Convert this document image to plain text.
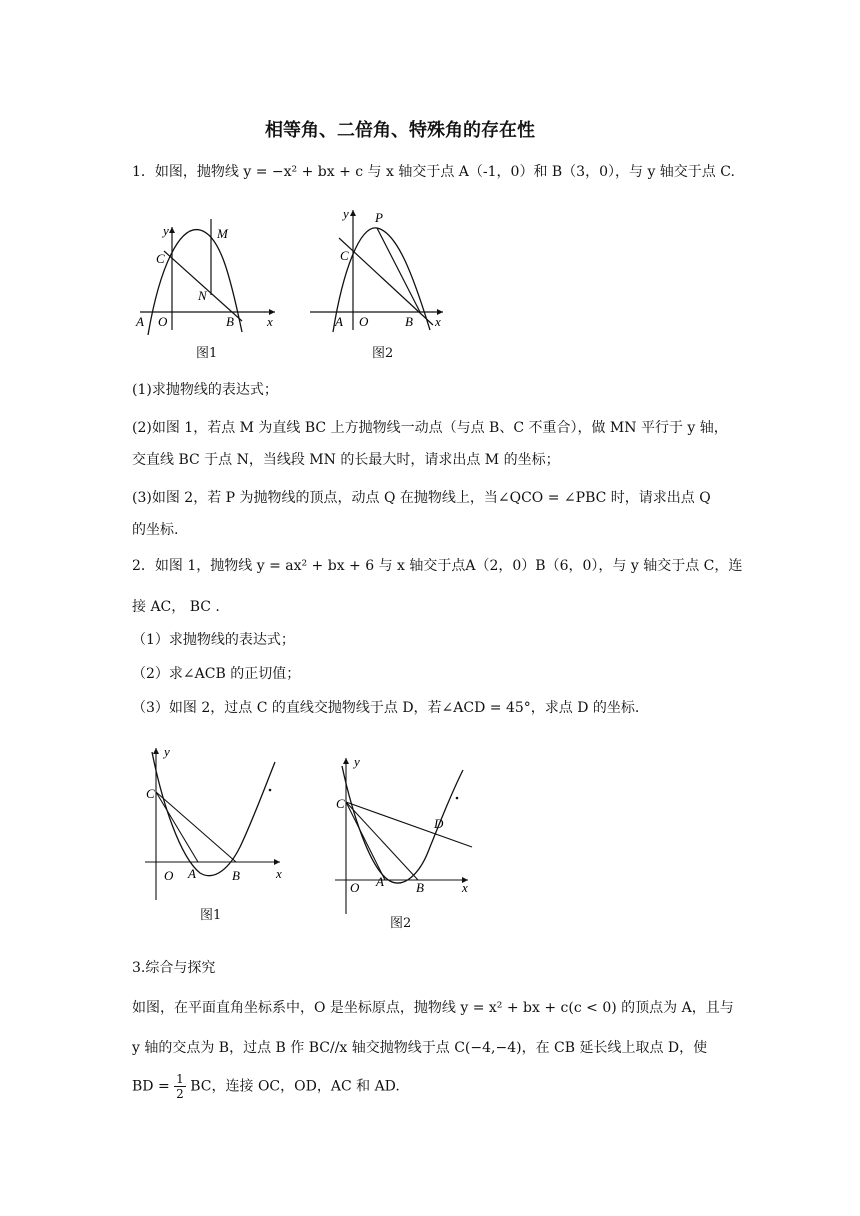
相等角、二倍角、特殊角的存在性
1．如图，抛物线 y = −x² + bx + c 与 x 轴交于点 A（-1，0）和 B（3，0），与 y 轴交于点 C.
y	M
C
N
A O	B	x
图1
y P
C
A O	B x
图2
(1)求抛物线的表达式；
(2)如图 1，若点 M 为直线 BC 上方抛物线一动点（与点 B、C 不重合），做 MN 平行于 y 轴，
交直线 BC 于点 N，当线段 MN 的长最大时，请求出点 M 的坐标；
(3)如图 2，若 P 为抛物线的顶点，动点 Q 在抛物线上，当∠QCO = ∠PBC 时，请求出点 Q
的坐标.
2．如图 1，抛物线 y = ax² + bx + 6 与 x 轴交于点A（2，0）B（6，0），与 y 轴交于点 C，连
接 AC， BC .
（1）求抛物线的表达式；
（2）求∠ACB 的正切值；
（3）如图 2，过点 C 的直线交抛物线于点 D，若∠ACD = 45°，求点 D 的坐标.
y
C
O A	B	x
图1
y
C
D
O A B	x
图2
3.综合与探究
如图，在平面直角坐标系中，O 是坐标原点，抛物线 y = x² + bx + c(c < 0) 的顶点为 A，且与
y 轴的交点为 B，过点 B 作 BC//x 轴交抛物线于点 C(−4,−4)，在 CB 延长线上取点 D，使
BD = $\frac{1}{2}$ BC，连接 OC，OD，AC 和 AD.
